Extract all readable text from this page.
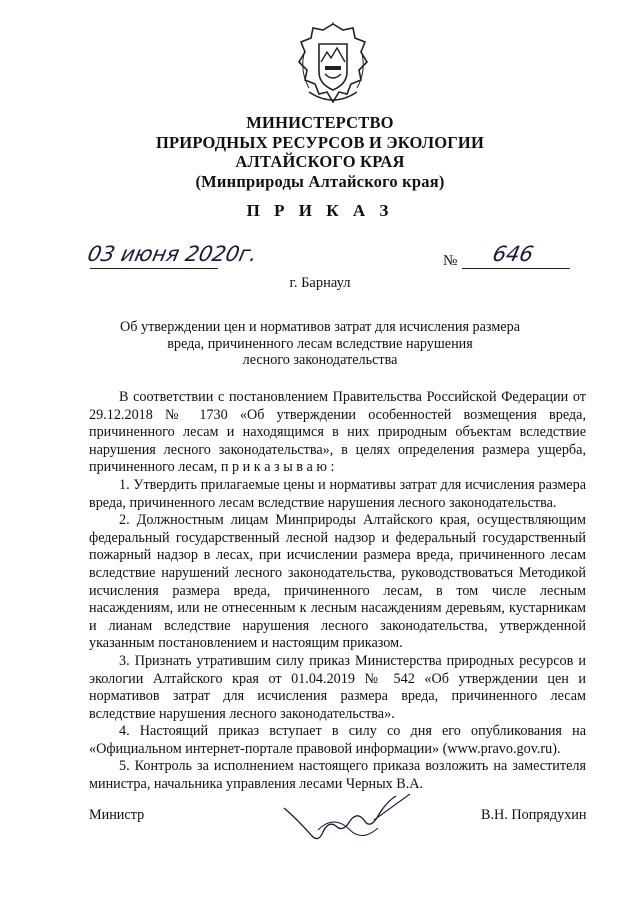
МИНИСТЕРСТВО
ПРИРОДНЫХ РЕСУРСОВ И ЭКОЛОГИИ
АЛТАЙСКОГО КРАЯ
(Минприроды Алтайского края)
П Р И К А З
03 июня 2020г.	№ 646
г. Барнаул
Об утверждении цен и нормативов затрат для исчисления размера
вреда, причиненного лесам вследствие нарушения
лесного законодательства

В соответствии с постановлением Правительства Российской Федерации от 29.12.2018 № 1730 «Об утверждении особенностей возмещения вреда, причиненного лесам и находящимся в них природным объектам вследствие нарушения лесного законодательства», в целях определения размера ущерба, причиненного лесам, п р и к а з ы в а ю :

1. Утвердить прилагаемые цены и нормативы затрат для исчисления размера вреда, причиненного лесам вследствие нарушения лесного законодательства.

2. Должностным лицам Минприроды Алтайского края, осуществляющим федеральный государственный лесной надзор и федеральный государственный пожарный надзор в лесах, при исчислении размера вреда, причиненного лесам вследствие нарушений лесного законодательства, руководствоваться Методикой исчисления размера вреда, причиненного лесам, в том числе лесным насаждениям, или не отнесенным к лесным насаждениям деревьям, кустарникам и лианам вследствие нарушения лесного законодательства, утвержденной указанным постановлением и настоящим приказом.

3. Признать утратившим силу приказ Министерства природных ресурсов и экологии Алтайского края от 01.04.2019 № 542 «Об утверждении цен и нормативов затрат для исчисления размера вреда, причиненного лесам вследствие нарушения лесного законодательства».

4. Настоящий приказ вступает в силу со дня его опубликования на «Официальном интернет-портале правовой информации» (www.pravo.gov.ru).

5. Контроль за исполнением настоящего приказа возложить на заместителя министра, начальника управления лесами Черных В.А.

Министр	В.Н. Попрядухин
